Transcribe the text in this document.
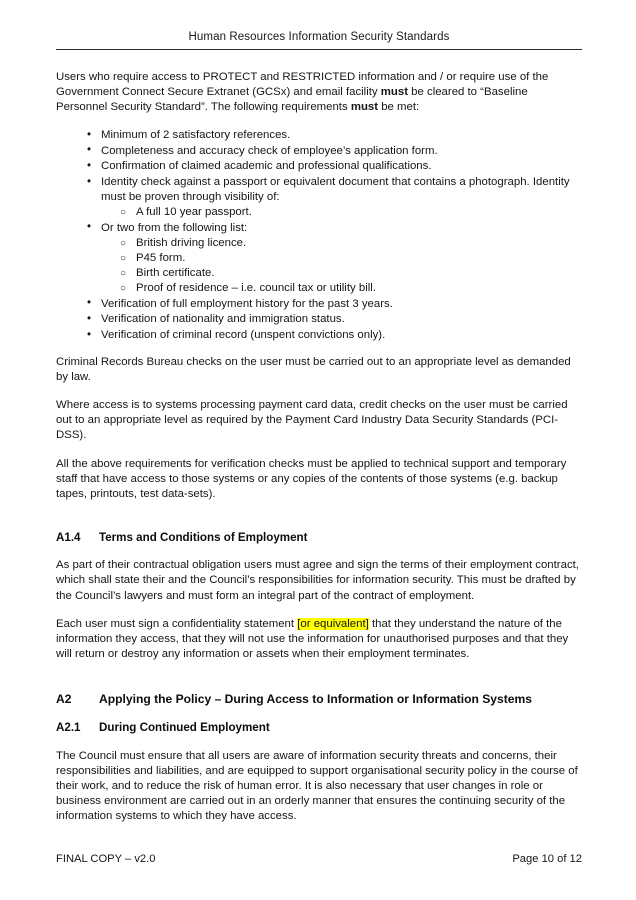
Human Resources Information Security Standards

Users who require access to PROTECT and RESTRICTED information and / or require use of the Government Connect Secure Extranet (GCSx) and email facility must be cleared to “Baseline Personnel Security Standard”. The following requirements must be met:

• Minimum of 2 satisfactory references.
• Completeness and accuracy check of employee’s application form.
• Confirmation of claimed academic and professional qualifications.
• Identity check against a passport or equivalent document that contains a photograph. Identity must be proven through visibility of:
○ A full 10 year passport.
• Or two from the following list:
○ British driving licence.
○ P45 form.
○ Birth certificate.
○ Proof of residence – i.e. council tax or utility bill.
• Verification of full employment history for the past 3 years.
• Verification of nationality and immigration status.
• Verification of criminal record (unspent convictions only).

Criminal Records Bureau checks on the user must be carried out to an appropriate level as demanded by law.

Where access is to systems processing payment card data, credit checks on the user must be carried out to an appropriate level as required by the Payment Card Industry Data Security Standards (PCI-DSS).

All the above requirements for verification checks must be applied to technical support and temporary staff that have access to those systems or any copies of the contents of those systems (e.g. backup tapes, printouts, test data-sets).

A1.4	Terms and Conditions of Employment

As part of their contractual obligation users must agree and sign the terms of their employment contract, which shall state their and the Council’s responsibilities for information security. This must be drafted by the Council’s lawyers and must form an integral part of the contract of employment.

Each user must sign a confidentiality statement [or equivalent] that they understand the nature of the information they access, that they will not use the information for unauthorised purposes and that they will return or destroy any information or assets when their employment terminates.

A2	Applying the Policy – During Access to Information or Information Systems
A2.1	During Continued Employment

The Council must ensure that all users are aware of information security threats and concerns, their responsibilities and liabilities, and are equipped to support organisational security policy in the course of their work, and to reduce the risk of human error. It is also necessary that user changes in role or business environment are carried out in an orderly manner that ensures the continuing security of the information systems to which they have access.

FINAL COPY – v2.0	Page 10 of 12
